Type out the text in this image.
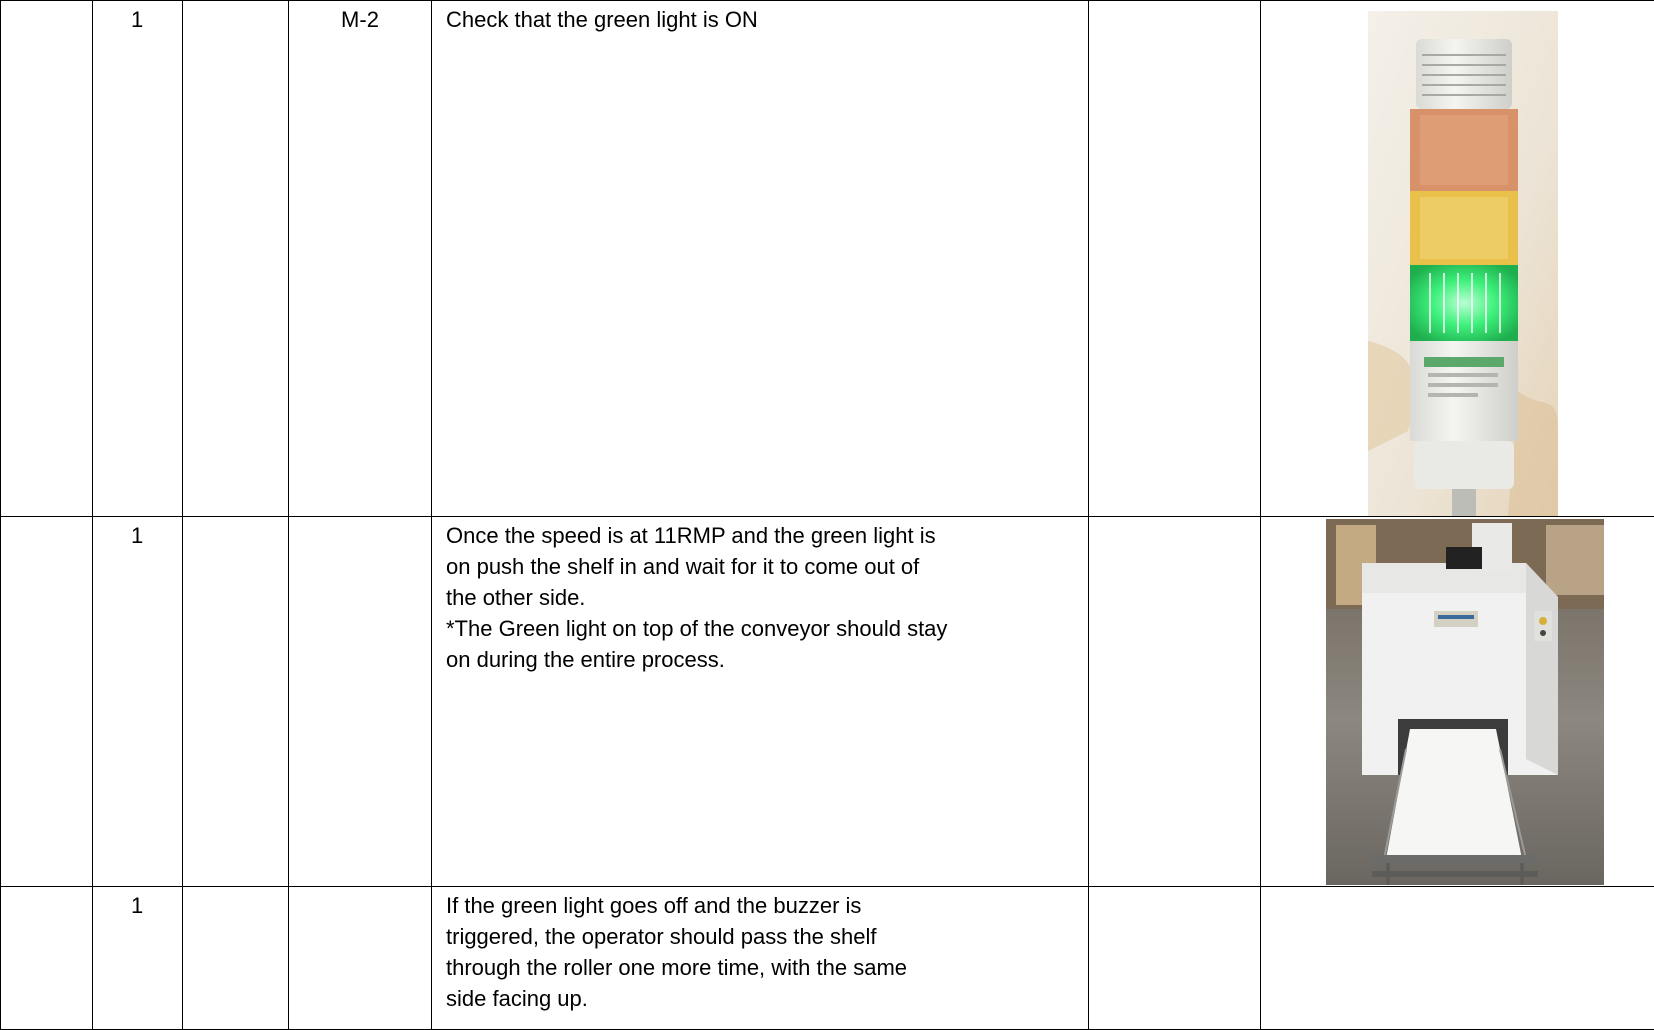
	1		M-2	Check that the green light is ON

	1			Once the speed is at 11RMP and the green light is
on push the shelf in and wait for it to come out of
the other side.
*The Green light on top of the conveyor should stay
on during the entire process.

	1			If the green light goes off and the buzzer is
triggered, the operator should pass the shelf
through the roller one more time, with the same
side facing up.		
